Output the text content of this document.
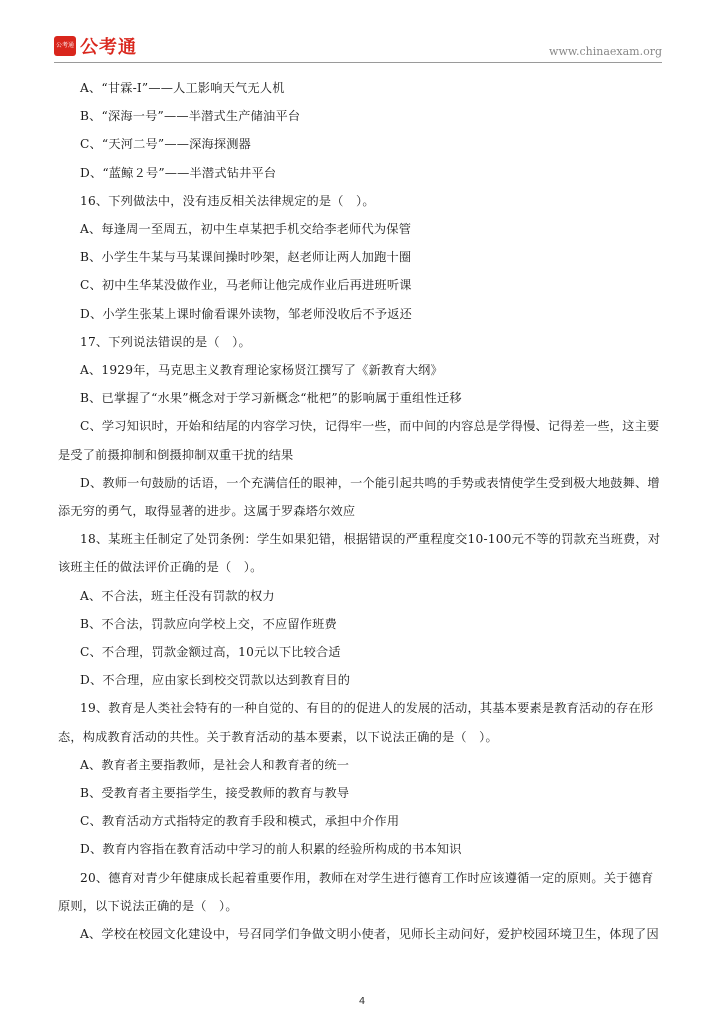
公考通 公考通	www.chinaexam.org

A、“甘霖-Ⅰ”——人工影响天气无人机

B、“深海一号”——半潜式生产储油平台

C、“天河二号”——深海探测器

D、“蓝鲸２号”——半潜式钻井平台

16、下列做法中，没有违反相关法律规定的是（　）。

A、每逢周一至周五，初中生卓某把手机交给李老师代为保管

B、小学生牛某与马某课间操时吵架，赵老师让两人加跑十圈

C、初中生华某没做作业，马老师让他完成作业后再进班听课

D、小学生张某上课时偷看课外读物，邹老师没收后不予返还

17、下列说法错误的是（　）。

A、1929年，马克思主义教育理论家杨贤江撰写了《新教育大纲》

B、已掌握了“水果”概念对于学习新概念“枇杷”的影响属于重组性迁移

C、学习知识时，开始和结尾的内容学习快，记得牢一些，而中间的内容总是学得慢、记得差一些，这主要

是受了前摄抑制和倒摄抑制双重干扰的结果

D、教师一句鼓励的话语，一个充满信任的眼神，一个能引起共鸣的手势或表情使学生受到极大地鼓舞、增

添无穷的勇气，取得显著的进步。这属于罗森塔尔效应

18、某班主任制定了处罚条例：学生如果犯错，根据错误的严重程度交10-100元不等的罚款充当班费，对

该班主任的做法评价正确的是（　）。

A、不合法，班主任没有罚款的权力

B、不合法，罚款应向学校上交，不应留作班费

C、不合理，罚款金额过高，10元以下比较合适

D、不合理，应由家长到校交罚款以达到教育目的

19、教育是人类社会特有的一种自觉的、有目的的促进人的发展的活动，其基本要素是教育活动的存在形

态，构成教育活动的共性。关于教育活动的基本要素，以下说法正确的是（　）。

A、教育者主要指教师，是社会人和教育者的统一

B、受教育者主要指学生，接受教师的教育与教导

C、教育活动方式指特定的教育手段和模式，承担中介作用

D、教育内容指在教育活动中学习的前人积累的经验所构成的书本知识

20、德育对青少年健康成长起着重要作用，教师在对学生进行德育工作时应该遵循一定的原则。关于德育

原则，以下说法正确的是（　）。

A、学校在校园文化建设中，号召同学们争做文明小使者，见师长主动问好，爱护校园环境卫生，体现了因

4
